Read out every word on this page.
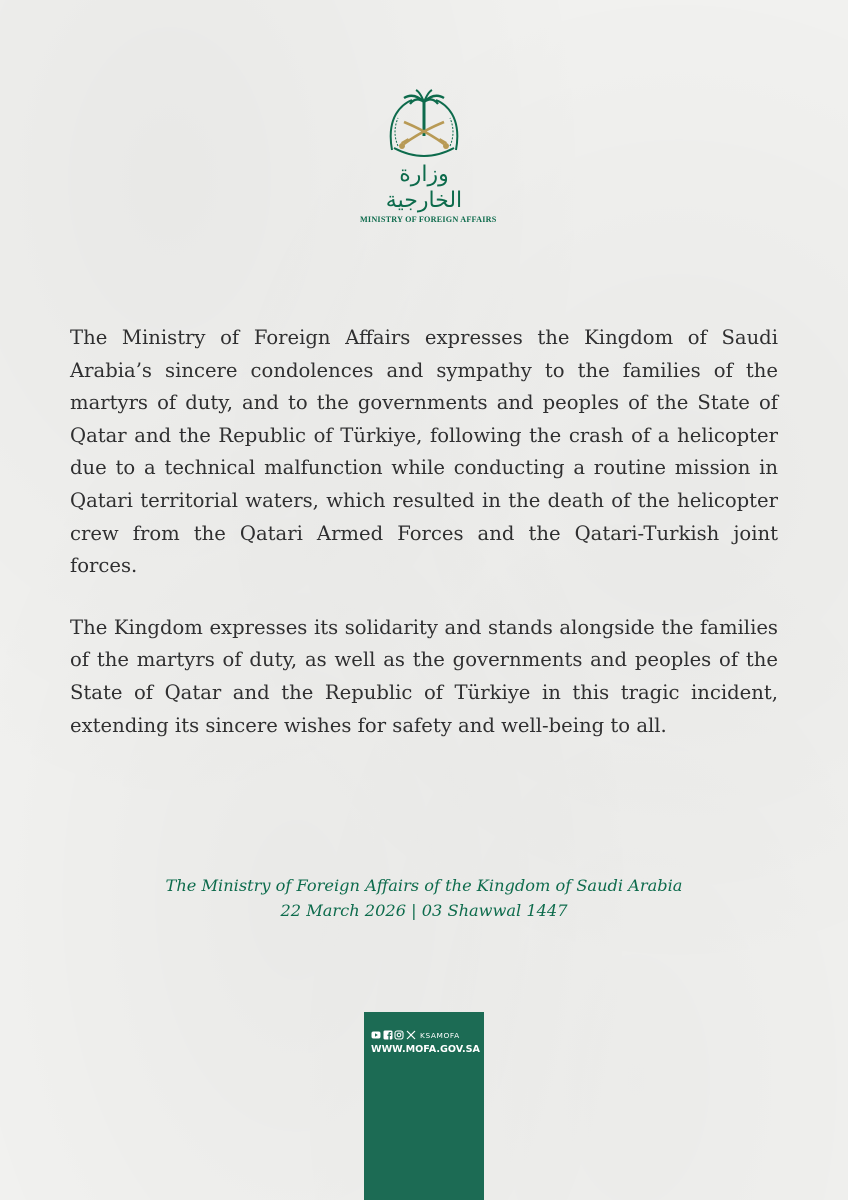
وزارة الخارجية
MINISTRY OF FOREIGN AFFAIRS

The Ministry of Foreign Affairs expresses the Kingdom of Saudi Arabia’s sincere condolences and sympathy to the families of the martyrs of duty, and to the governments and peoples of the State of Qatar and the Republic of Türkiye, following the crash of a helicopter due to a technical malfunction while conducting a routine mission in Qatari territorial waters, which resulted in the death of the helicopter crew from the Qatari Armed Forces and the Qatari-Turkish joint forces.

The Kingdom expresses its solidarity and stands alongside the families of the martyrs of duty, as well as the governments and peoples of the State of Qatar and the Republic of Türkiye in this tragic incident, extending its sincere wishes for safety and well-being to all.

The Ministry of Foreign Affairs of the Kingdom of Saudi Arabia
22 March 2026 | 03 Shawwal 1447
KSAMOFA
WWW.MOFA.GOV.SA
